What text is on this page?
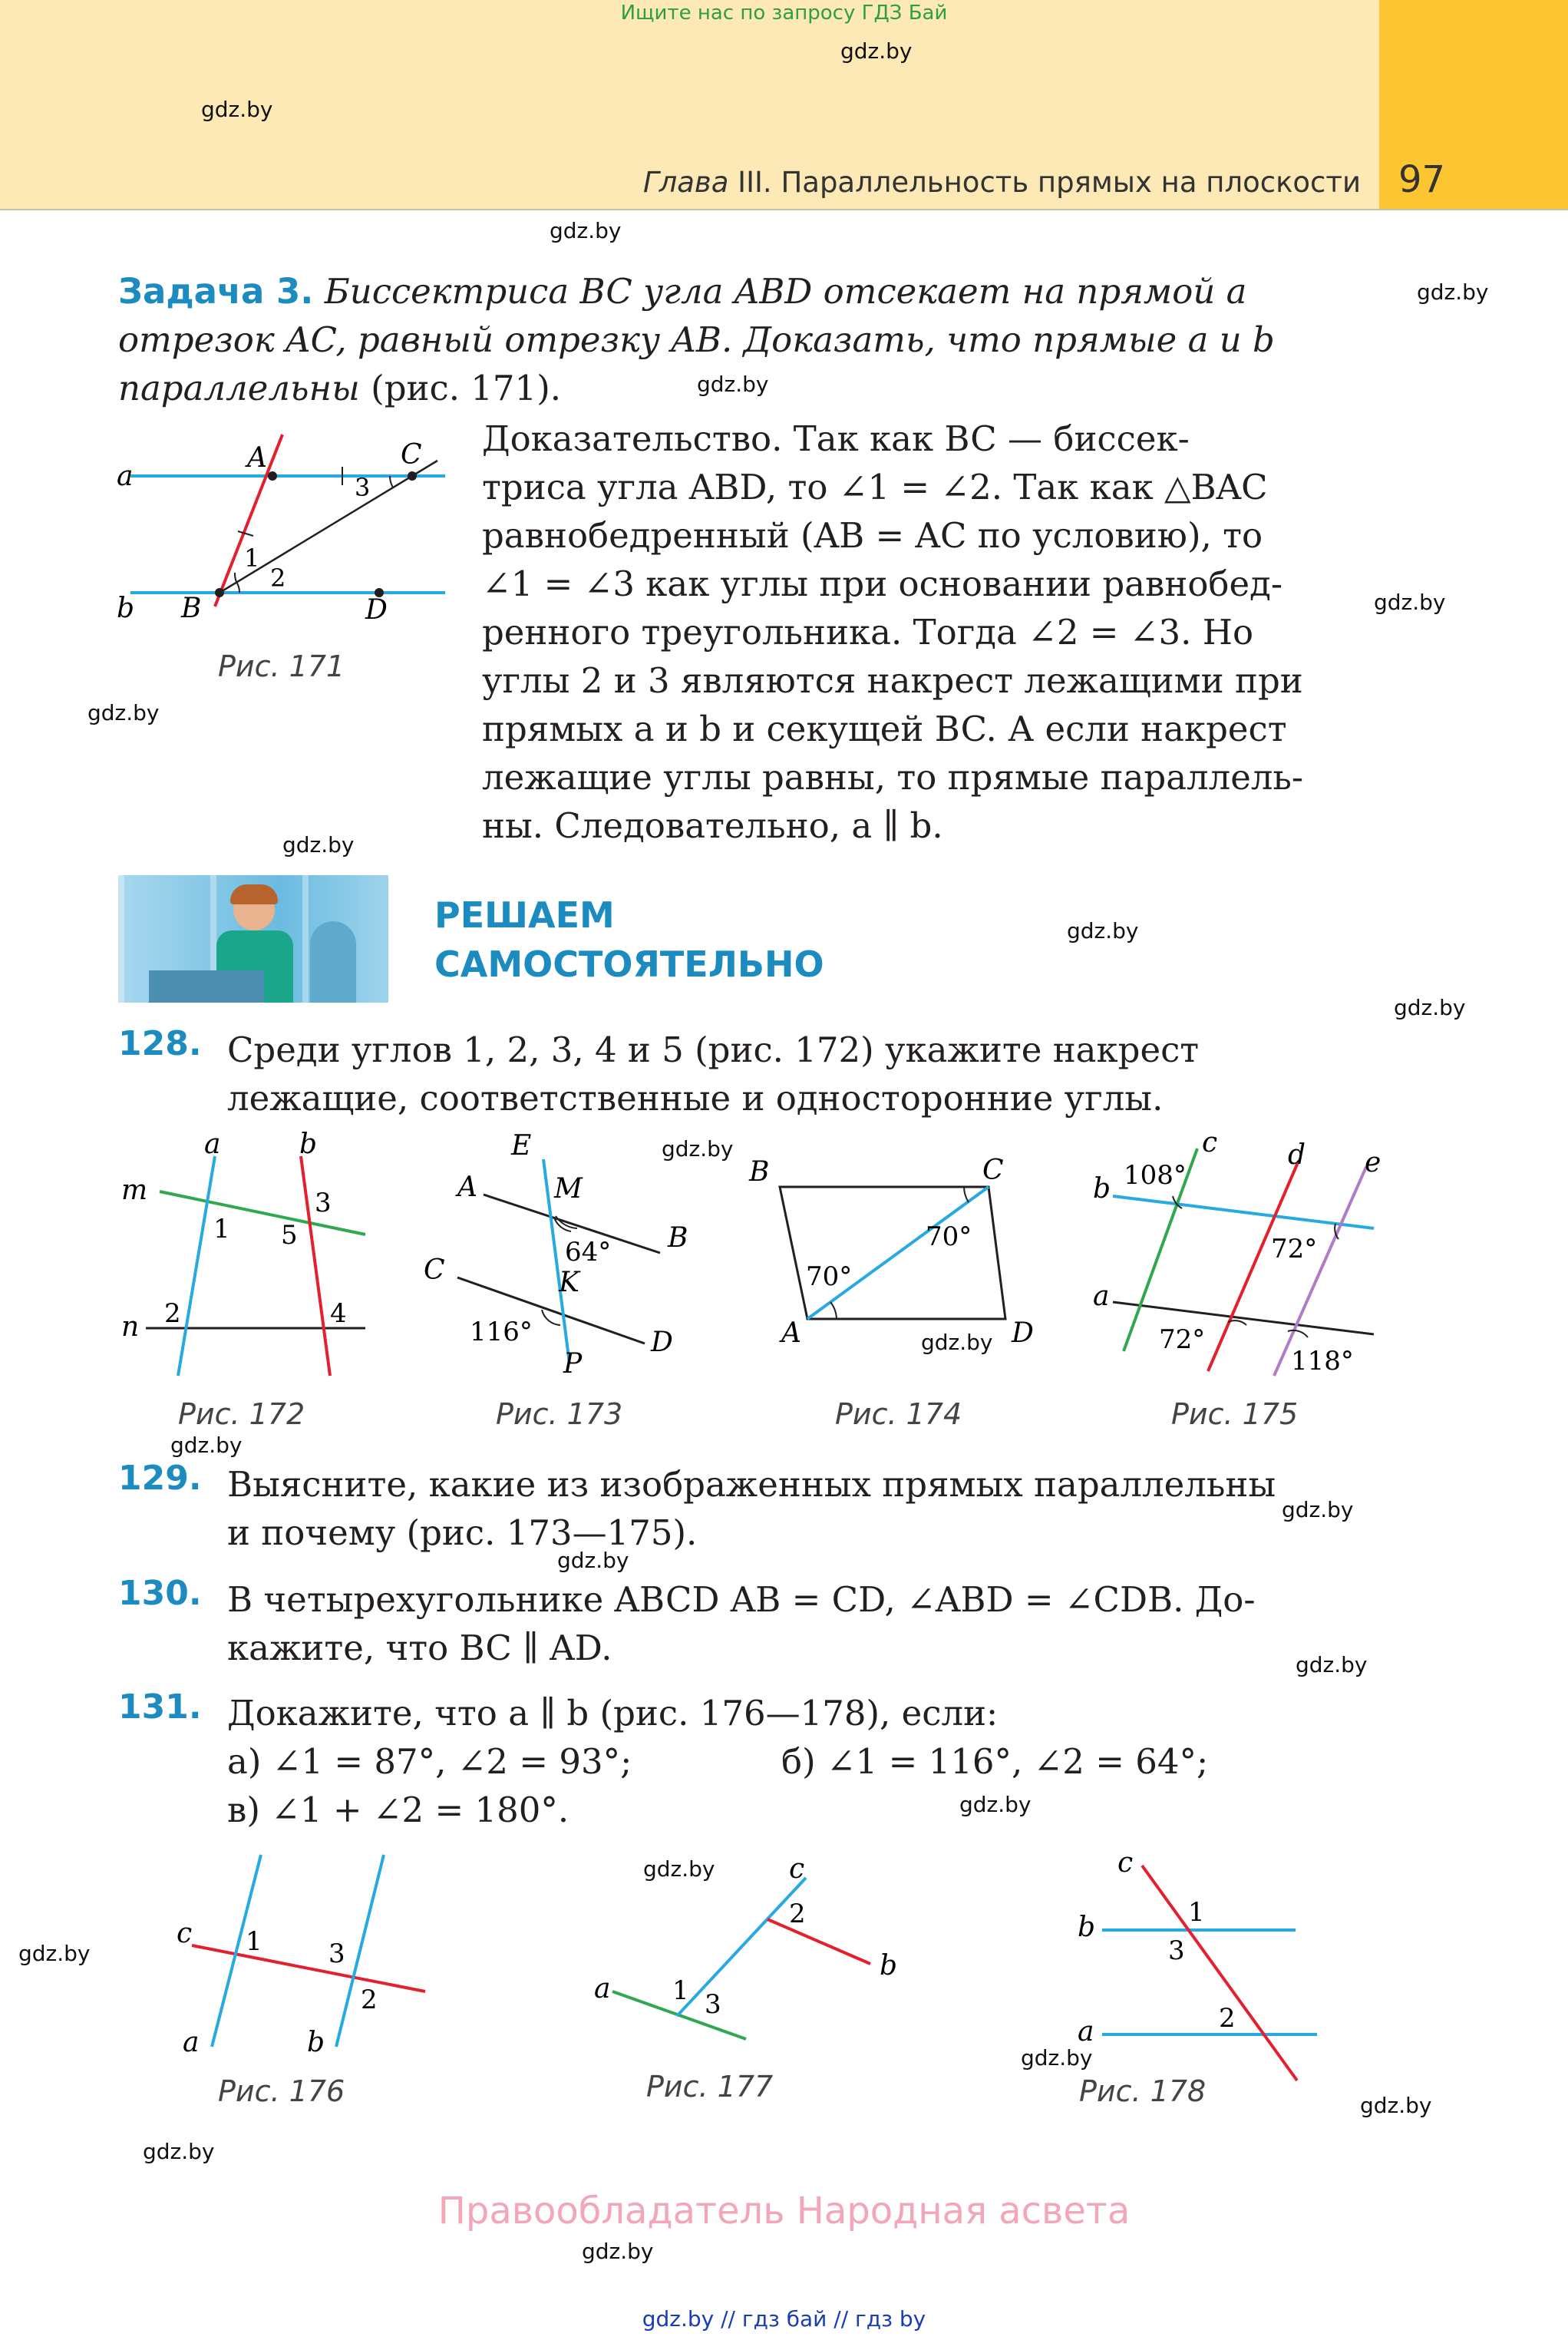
Ищите нас по запросу ГДЗ Бай
Глава III. Параллельность прямых на плоскости 97
gdz.by
gdz.by
gdz.by
gdz.by
gdz.by
gdz.by
gdz.by
gdz.by
gdz.by
gdz.by
gdz.by
gdz.by
gdz.by
gdz.by
gdz.by
gdz.by
gdz.by
gdz.by
gdz.by
gdz.by
gdz.by
gdz.by
gdz.by
Задача 3. Биссектриса BC угла ABD отсекает на прямой a
отрезок AC, равный отрезку AB. Доказать, что прямые a и b
параллельны (рис. 171).
Доказательство. Так как BC — биссек-
триса угла ABD, то ∠1 = ∠2. Так как △BAC
равнобедренный (AB = AC по условию), то
∠1 = ∠3 как углы при основании равнобед-
ренного треугольника. Тогда ∠2 = ∠3. Но
углы 2 и 3 являются накрест лежащими при
прямых a и b и секущей BC. А если накрест
лежащие углы равны, то прямые параллель-
ны. Следовательно, a ∥ b.
A	C
a
b B	D
1
2
3
Рис. 171
РЕШАЕМ
САМОСТОЯТЕЛЬНО
128. Среди углов 1, 2, 3, 4 и 5 (рис. 172) укажите накрест
лежащие, соответственные и односторонние углы.
a	b
m
n
1
2
3
4
5
Рис. 172
E
A	M
B
C	K
D
P
64°
116°
Рис. 173
B	C
A	D
70°
70°
Рис. 174
c	d e
b
a
108°
72°
72°
118°
Рис. 175
129. Выясните, какие из изображенных прямых параллельны
и почему (рис. 173—175).
130. В четырехугольнике ABCD AB = CD, ∠ABD = ∠CDB. До-
кажите, что BC ∥ AD.
131. Докажите, что a ∥ b (рис. 176—178), если:
а) ∠1 = 87°, ∠2 = 93°;	б) ∠1 = 116°, ∠2 = 64°;
в) ∠1 + ∠2 = 180°.
c
a	b
1	3
2
Рис. 176
c
a
b
1 3
2
Рис. 177
c
b
a
1
3
2
Рис. 178
Правообладатель Народная асвета
gdz.by // гдз бай // гдз by
